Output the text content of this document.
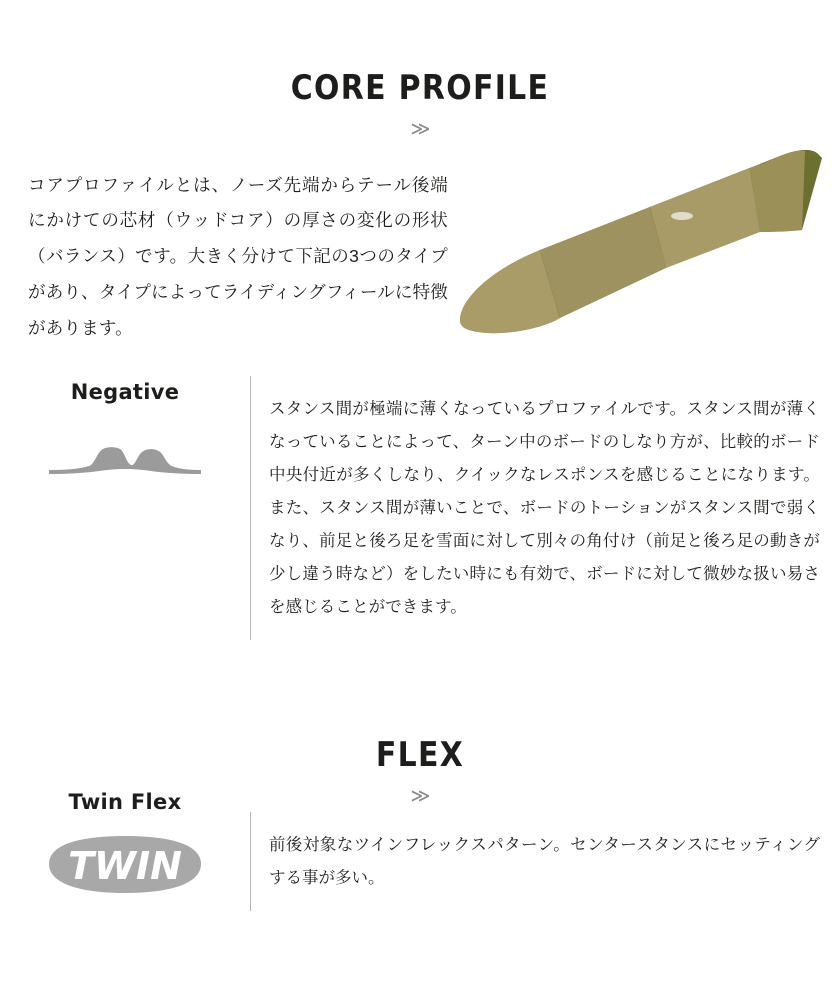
CORE PROFILE
≫

コアプロファイルとは、ノーズ先端からテール後端にかけての芯材（ウッドコア）の厚さの変化の形状（バランス）です。大きく分けて下記の3つのタイプがあり、タイプによってライディングフィールに特徴があります。

Negative

スタンス間が極端に薄くなっているプロファイルです。スタンス間が薄くなっていることによって、ターン中のボードのしなり方が、比較的ボード中央付近が多くしなり、クイックなレスポンスを感じることになります。また、スタンス間が薄いことで、ボードのトーションがスタンス間で弱くなり、前足と後ろ足を雪面に対して別々の角付け（前足と後ろ足の動きが少し違う時など）をしたい時にも有効で、ボードに対して微妙な扱い易さを感じることができます。

FLEX
≫
Twin Flex
TWIN	前後対象なツインフレックスパターン。センタースタンスにセッティングする事が多い。
